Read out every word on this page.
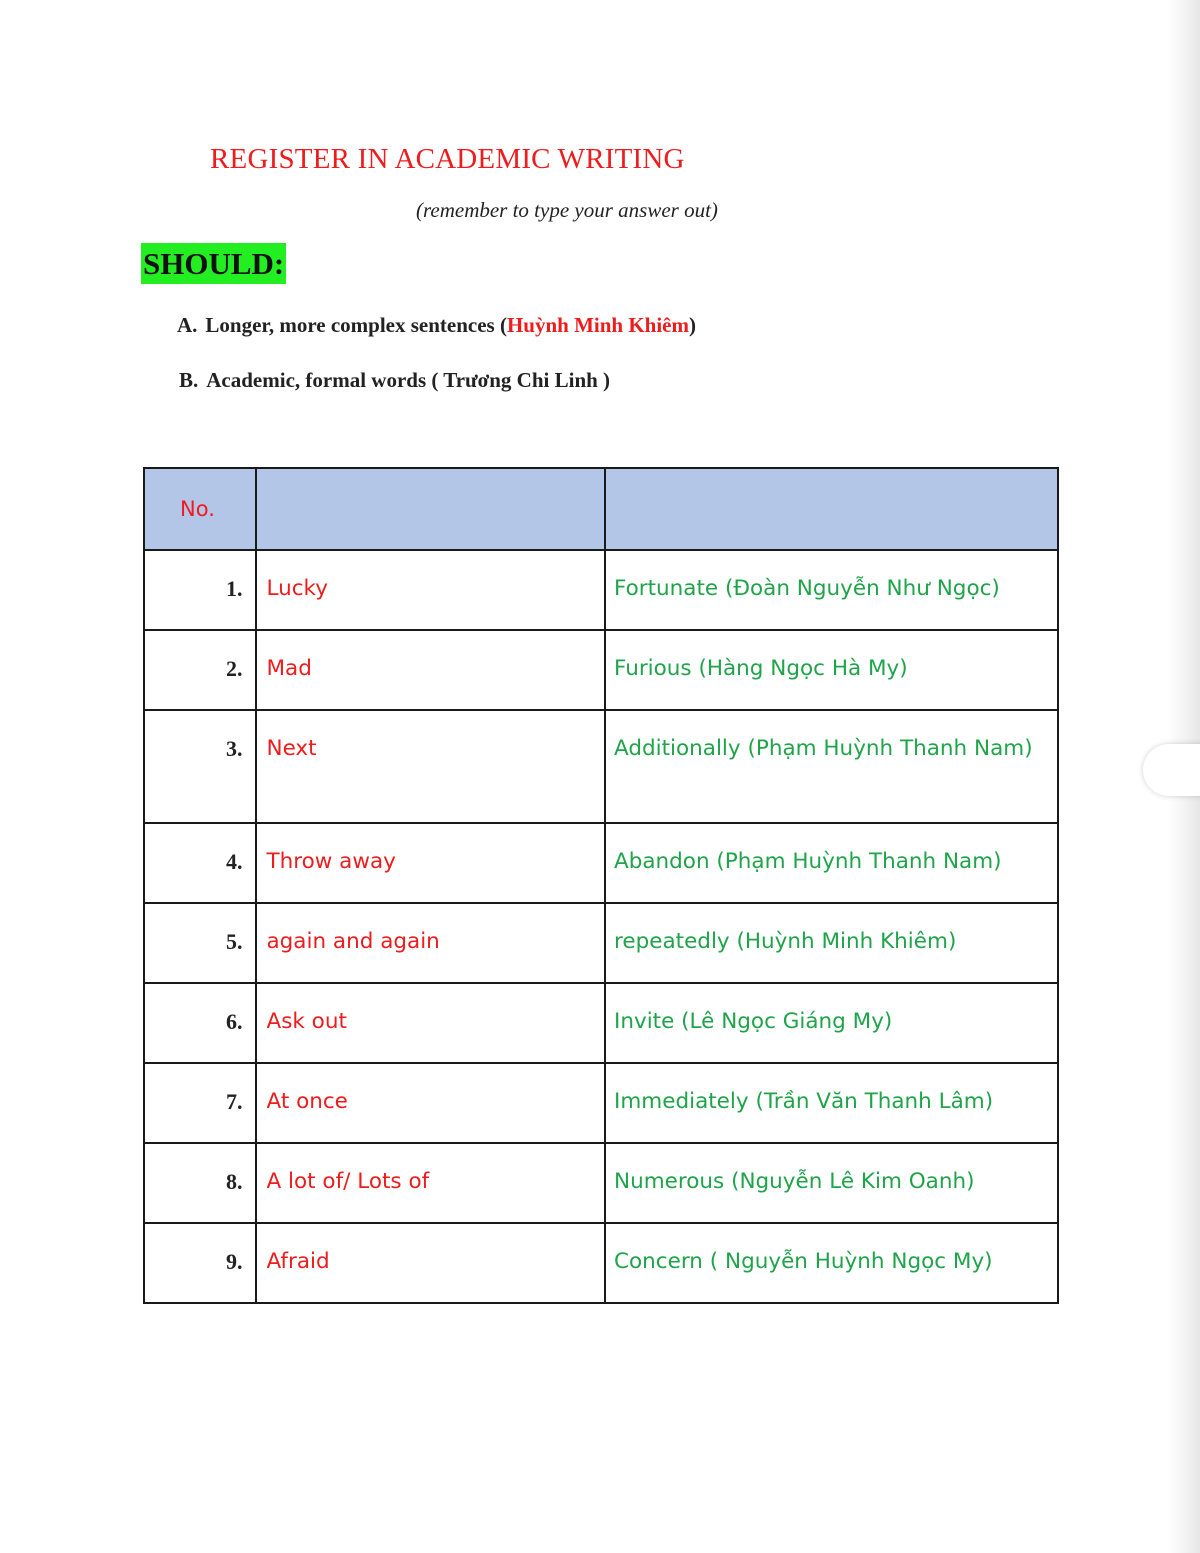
REGISTER IN ACADEMIC WRITING
(remember to type your answer out)
SHOULD:
A. Longer, more complex sentences (Huỳnh Minh Khiêm)
B. Academic, formal words ( Trương Chi Linh )
No.		
1.	Lucky	Fortunate (Đoàn Nguyễn Như Ngọc)
2.	Mad	Furious (Hàng Ngọc Hà My)
3.	Next	Additionally (Phạm Huỳnh Thanh Nam)
4.	Throw away	Abandon (Phạm Huỳnh Thanh Nam)
5.	again and again	repeatedly (Huỳnh Minh Khiêm)
6.	Ask out	Invite (Lê Ngọc Giáng My)
7.	At once	Immediately (Trần Văn Thanh Lâm)
8.	A lot of/ Lots of	Numerous (Nguyễn Lê Kim Oanh)
9.	Afraid	Concern ( Nguyễn Huỳnh Ngọc My)
